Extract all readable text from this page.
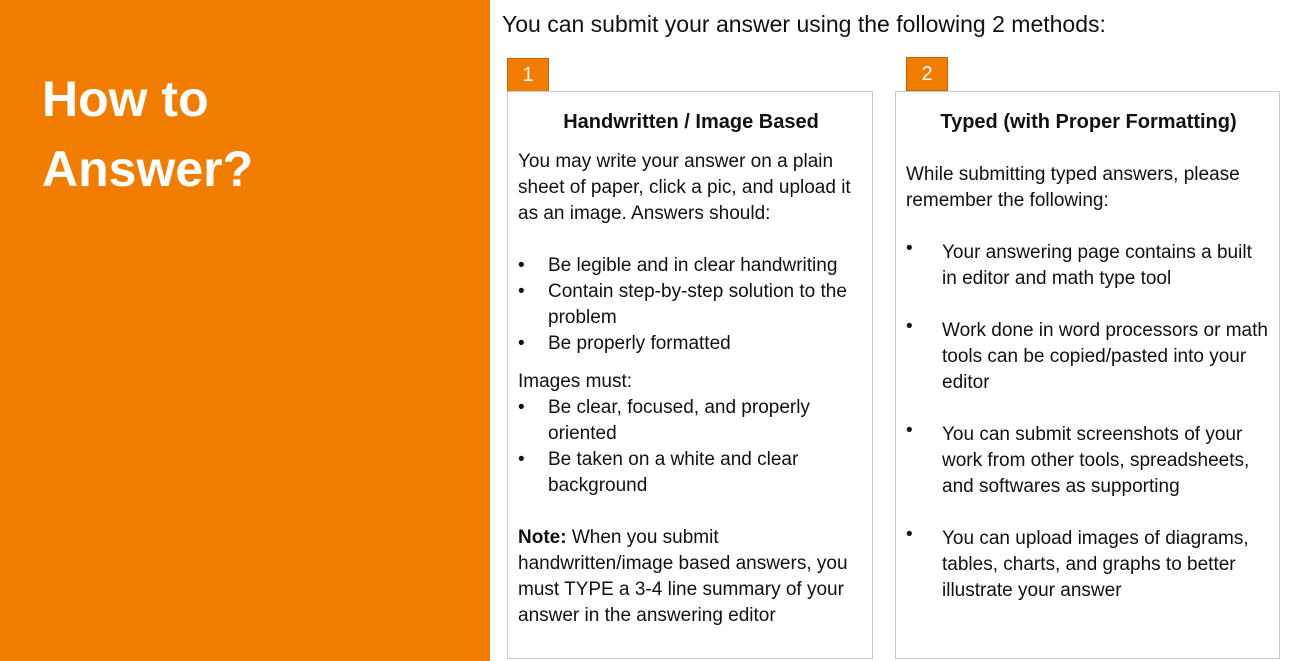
How to
Answer?

You can submit your answer using the following 2 methods:

1	2
Handwritten / Image Based

You may write your answer on a plain sheet of paper, click a pic, and upload it as an image. Answers should:

• Be legible and in clear handwriting
• Contain step-by-step solution to the problem
• Be properly formatted

Images must:

• Be clear, focused, and properly oriented
• Be taken on a white and clear background

Note: When you submit handwritten/image based answers, you must TYPE a 3-4 line summary of your answer in the answering editor

Typed (with Proper Formatting)

While submitting typed answers, please remember the following:

• Your answering page contains a built in editor and math type tool
• Work done in word processors or math tools can be copied/pasted into your editor
• You can submit screenshots of your work from other tools, spreadsheets, and softwares as supporting
• You can upload images of diagrams, tables, charts, and graphs to better illustrate your answer
